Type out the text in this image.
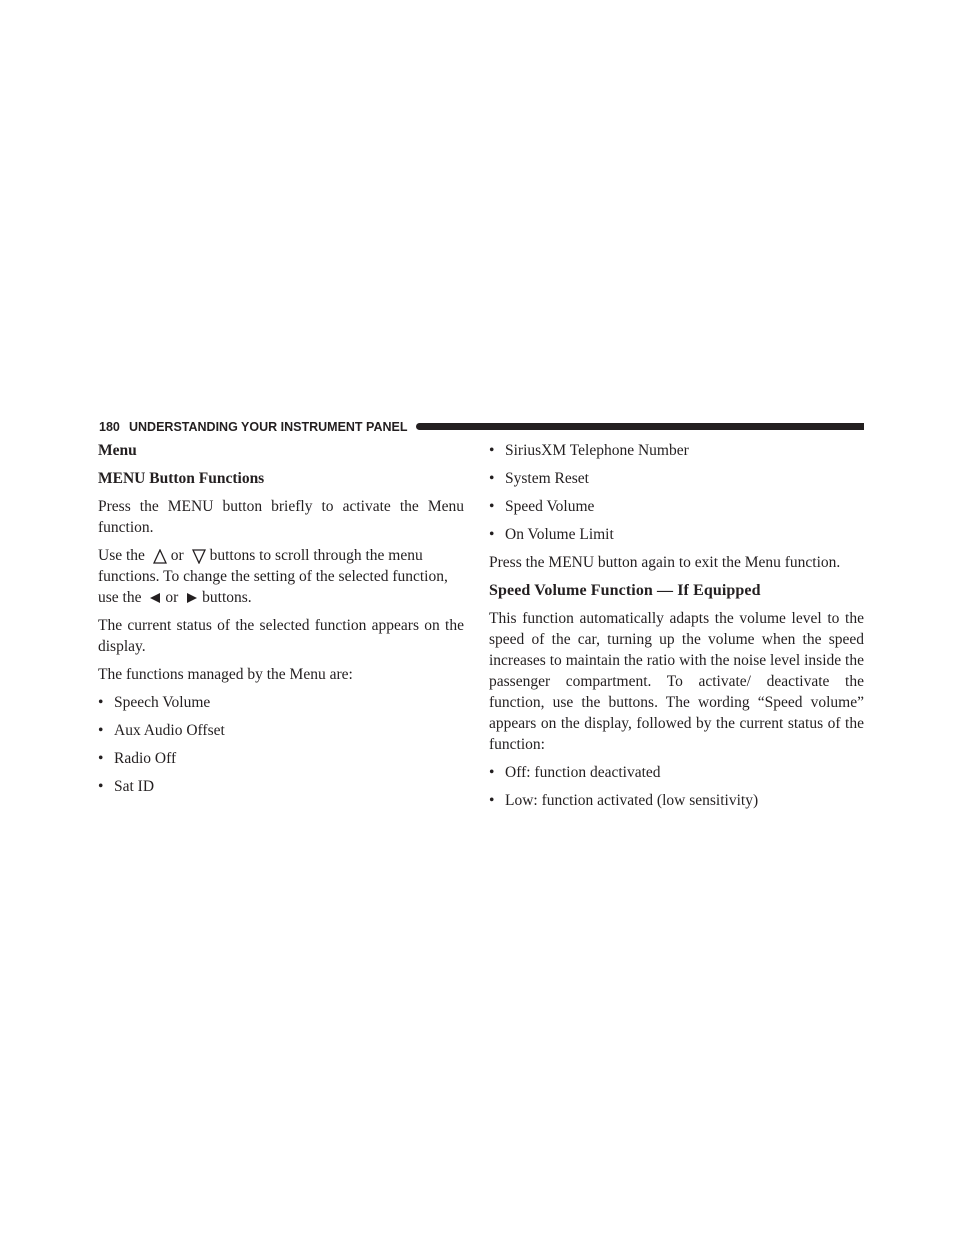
180 UNDERSTANDING YOUR INSTRUMENT PANEL
Menu
MENU Button Functions

Press the MENU button briefly to activate the Menu function.

Use the or buttons to scroll through the menu
functions. To change the setting of the selected function,
use the or buttons.

The current status of the selected function appears on the display.

The functions managed by the Menu are:

• Speech Volume
• Aux Audio Offset
• Radio Off
• Sat ID
• SiriusXM Telephone Number
• System Reset
• Speed Volume
• On Volume Limit

Press the MENU button again to exit the Menu function.

Speed Volume Function — If Equipped

This function automatically adapts the volume level to the speed of the car, turning up the volume when the speed increases to maintain the ratio with the noise level inside the passenger compartment. To activate/ deactivate the function, use the buttons. The wording “Speed volume” appears on the display, followed by the current status of the function:

• Off: function deactivated
• Low: function activated (low sensitivity)
